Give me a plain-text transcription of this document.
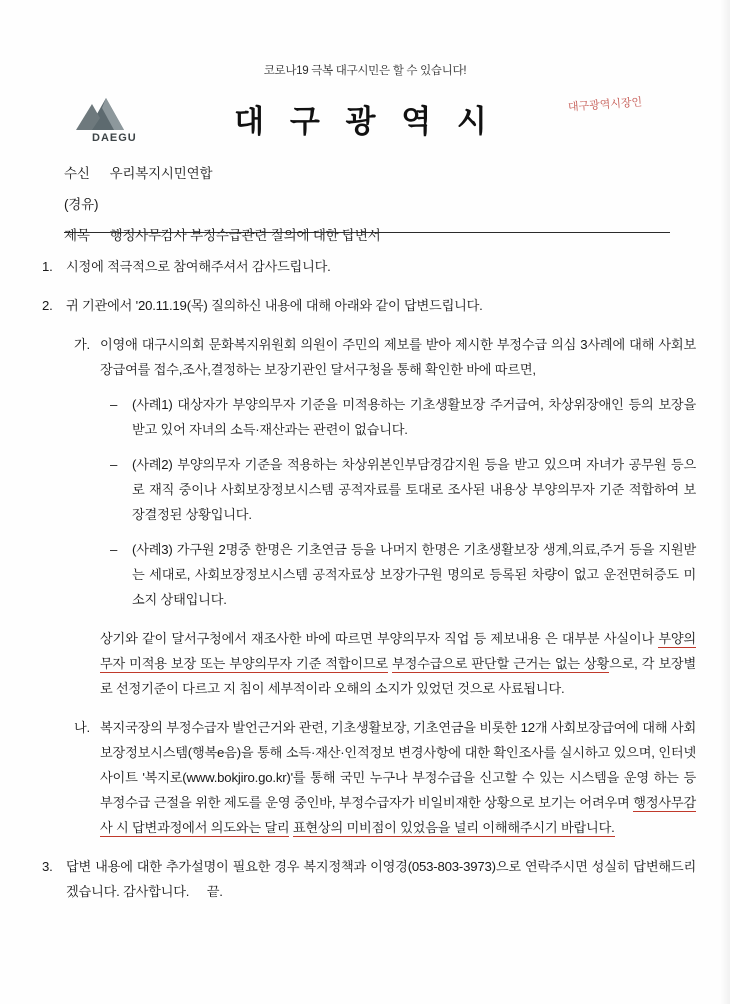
코로나19 극복 대구시민은 할 수 있습니다!
DAEGU	대 구 광 역 시	대구광역시장인
수신 우리복지시민연합
(경유)
제목 행정사무감사 부정수급관련 질의에 대한 답변서
1. 시정에 적극적으로 참여해주셔서 감사드립니다.
2. 귀 기관에서 '20.11.19(목) 질의하신 내용에 대해 아래와 같이 답변드립니다.
가. 이영애 대구시의회 문화복지위원회 의원이 주민의 제보를 받아 제시한 부정수급 의심 3사례에 대해 사회보장급여를 접수,조사,결정하는 보장기관인 달서구청을 통해 확인한 바에 따르면,
– (사례1) 대상자가 부양의무자 기준을 미적용하는 기초생활보장 주거급여, 차상위장애인 등의 보장을 받고 있어 자녀의 소득·재산과는 관련이 없습니다.
– (사례2) 부양의무자 기준을 적용하는 차상위본인부담경감지원 등을 받고 있으며 자녀가 공무원 등으로 재직 중이나 사회보장정보시스템 공적자료를 토대로 조사된 내용상 부양의무자 기준 적합하여 보장결정된 상황입니다.
– (사례3) 가구원 2명중 한명은 기초연금 등을 나머지 한명은 기초생활보장 생계,의료,주거 등을 지원받는 세대로, 사회보장정보시스템 공적자료상 보장가구원 명의로 등록된 차량이 없고 운전면허증도 미소지 상태입니다.
상기와 같이 달서구청에서 재조사한 바에 따르면 부양의무자 직업 등 제보내용 은 대부분 사실이나 부양의무자 미적용 보장 또는 부양의무자 기준 적합이므로 부정수급으로 판단할 근거는 없는 상황으로, 각 보장별로 선정기준이 다르고 지 침이 세부적이라 오해의 소지가 있었던 것으로 사료됩니다.
나. 복지국장의 부정수급자 발언근거와 관련, 기초생활보장, 기초연금을 비롯한 12개 사회보장급여에 대해 사회보장정보시스템(행복e음)을 통해 소득·재산·인적정보 변경사항에 대한 확인조사를 실시하고 있으며, 인터넷사이트 '복지로(www.bokjiro.go.kr)'를 통해 국민 누구나 부정수급을 신고할 수 있는 시스템을 운영 하는 등 부정수급 근절을 위한 제도를 운영 중인바, 부정수급자가 비일비재한 상황으로 보기는 어려우며 행정사무감사 시 답변과정에서 의도와는 달리 표현상의 미비점이 있었음을 널리 이해해주시기 바랍니다.
3. 답변 내용에 대한 추가설명이 필요한 경우 복지정책과 이영경(053-803-3973)으로 연락주시면 성실히 답변해드리겠습니다. 감사합니다. 끝.
